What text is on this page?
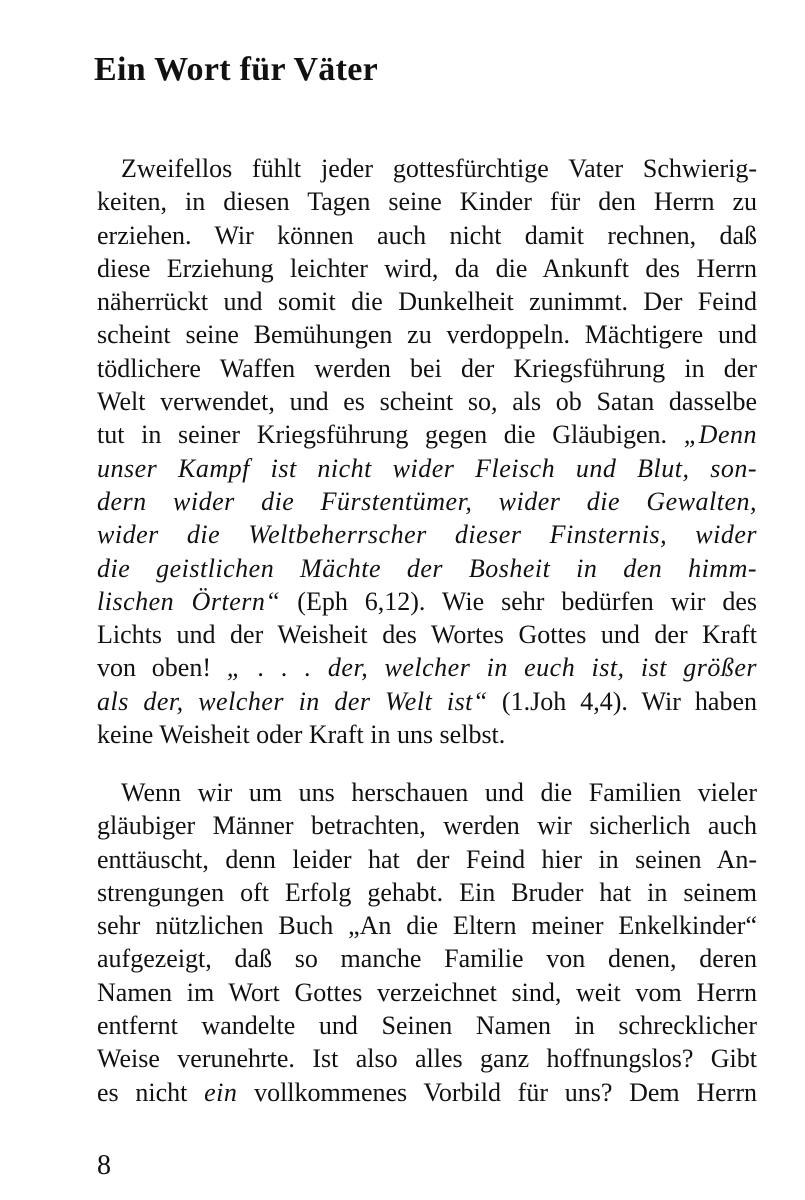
Ein Wort für Väter
Zweifellos fühlt jeder gottesfürchtige Vater Schwierig-
keiten, in diesen Tagen seine Kinder für den Herrn zu
erziehen. Wir können auch nicht damit rechnen, daß
diese Erziehung leichter wird, da die Ankunft des Herrn
näherrückt und somit die Dunkelheit zunimmt. Der Feind
scheint seine Bemühungen zu verdoppeln. Mächtigere und
tödlichere Waffen werden bei der Kriegsführung in der
Welt verwendet, und es scheint so, als ob Satan dasselbe
tut in seiner Kriegsführung gegen die Gläubigen. „Denn
unser Kampf ist nicht wider Fleisch und Blut, son-
dern wider die Fürstentümer, wider die Gewalten,
wider die Weltbeherrscher dieser Finsternis, wider
die geistlichen Mächte der Bosheit in den himm-
lischen Örtern“ (Eph 6,12). Wie sehr bedürfen wir des
Lichts und der Weisheit des Wortes Gottes und der Kraft
von oben! „ . . . der, welcher in euch ist, ist größer
als der, welcher in der Welt ist“ (1.Joh 4,4). Wir haben
keine Weisheit oder Kraft in uns selbst.
Wenn wir um uns herschauen und die Familien vieler
gläubiger Männer betrachten, werden wir sicherlich auch
enttäuscht, denn leider hat der Feind hier in seinen An-
strengungen oft Erfolg gehabt. Ein Bruder hat in seinem
sehr nützlichen Buch „An die Eltern meiner Enkelkinder“
aufgezeigt, daß so manche Familie von denen, deren
Namen im Wort Gottes verzeichnet sind, weit vom Herrn
entfernt wandelte und Seinen Namen in schrecklicher
Weise verunehrte. Ist also alles ganz hoffnungslos? Gibt
es nicht ein vollkommenes Vorbild für uns? Dem Herrn
8
